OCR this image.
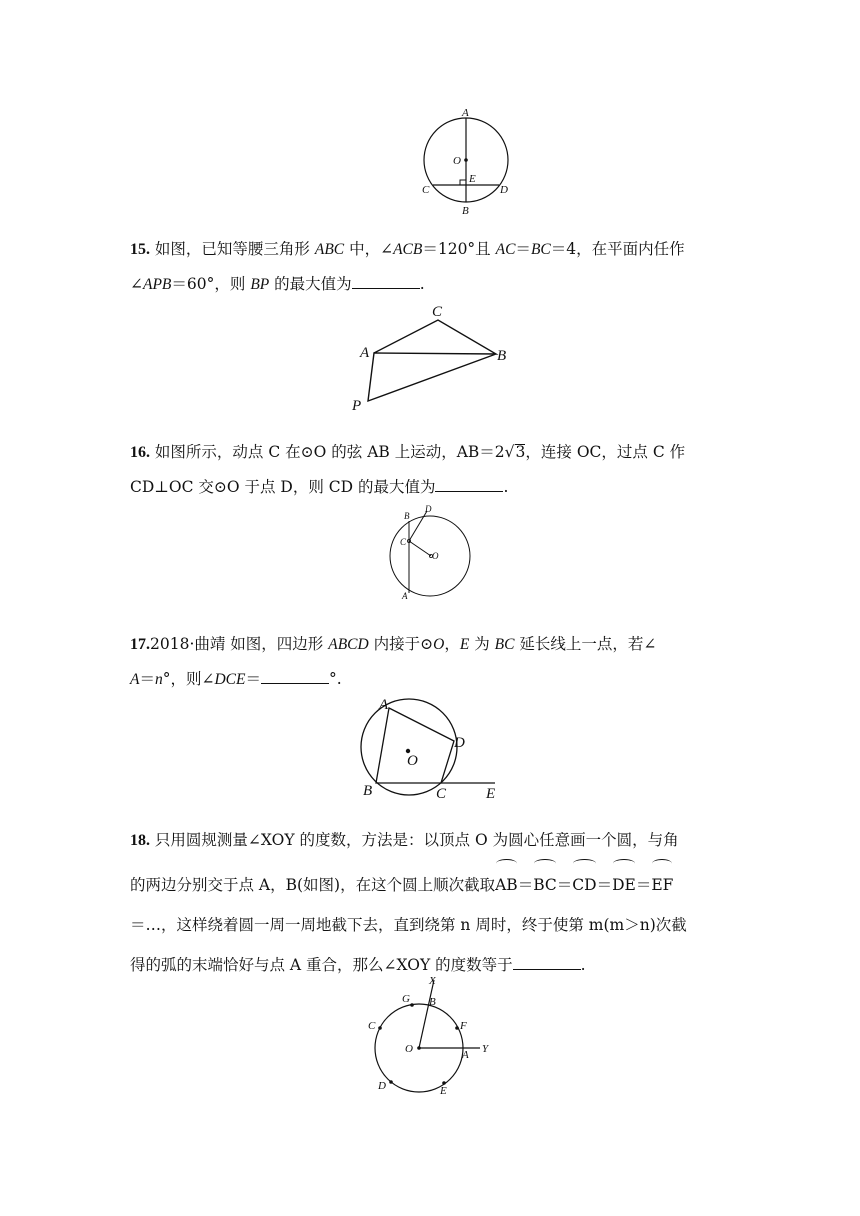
A
O
E
C	D
B
15. 如图，已知等腰三角形 ABC 中，∠ACB＝120°且 AC＝BC＝4，在平面内任作
∠APB＝60°，则 BP 的最大值为	.
C
A	B
P
16. 如图所示，动点 C 在⊙O 的弦 AB 上运动，AB＝2√3，连接 OC，过点 C 作
CD⊥OC 交⊙O 于点 D，则 CD 的最大值为	.
B
D
C
O
A
17.2018·曲靖 如图，四边形 ABCD 内接于⊙O，E 为 BC 延长线上一点，若∠
A＝n°，则∠DCE＝	°.
A
D
O
B	C	E
18. 只用圆规测量∠XOY 的度数，方法是：以顶点 O 为圆心任意画一个圆，与角
的两边分别交于点 A，B(如图)，在这个圆上顺次截取AB＝BC＝CD＝DE＝EF
＝…，这样绕着圆一周一周地截下去，直到绕第 n 周时，终于使第 m(m＞n)次截
得的弧的末端恰好与点 A 重合，那么∠XOY 的度数等于	.
X
G B
C	F
O	A Y
D	E
